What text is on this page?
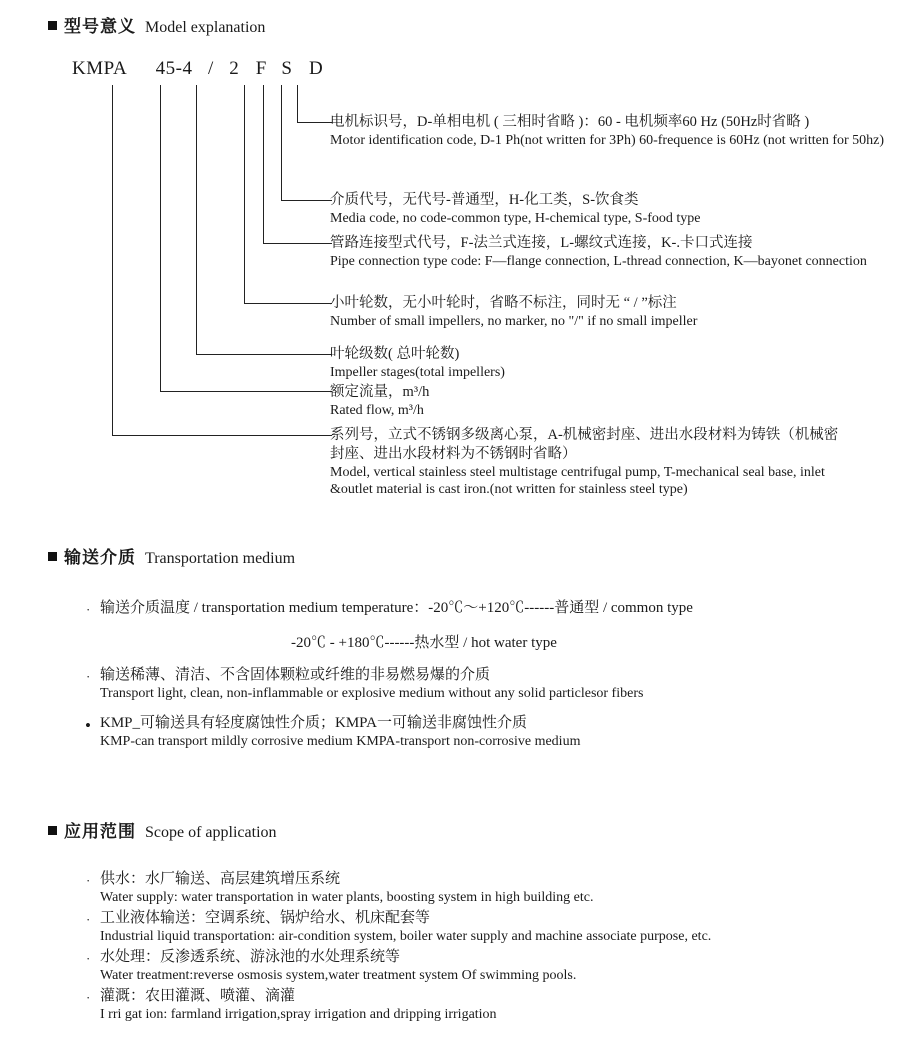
型号意义 Model explanation
KMPA 45-4 / 2 F S D
电机标识号，D-单相电机 ( 三相时省略 )：60 - 电机频率60 Hz (50Hz时省略 )
Motor identification code, D-1 Ph(not written for 3Ph) 60-frequence is 60Hz (not written for 50hz)
介质代号，无代号-普通型，H-化⼯类，S-饮食类
Media code, no code-common type, H-chemical type, S-food type
管路连接型式代号，F-法兰式连接，L-螺纹式连接，K-.卡口式连接
Pipe connection type code: F—flange connection, L-thread connection, K—bayonet connection
小叶轮数，无小叶轮时，省略不标注，同时无 “ / ”标注
Number of small impellers, no marker, no "/" if no small impeller
叶轮级数( 总叶轮数)
Impeller stages(total impellers)
额定流量，m³/h
Rated flow, m³/h
系列号，立式不锈钢多级离心泵，A-机械密封座、进出水段材料为铸铁（机械密封座、进出水段材料为不锈钢时省略）
Model, vertical stainless steel multistage centrifugal pump, T-mechanical seal base, inlet &outlet material is cast iron.(not written for stainless steel type)
输送介质 Transportation medium
· 输送介质温度 / transportation medium temperature：-20℃～+120℃------普通型 / common type
-20℃ - +180℃------热水型 / hot water type
· 输送稀薄、清洁、不含固体颗粒或纤维的非易燃易爆的介质
Transport light, clean, non-inflammable or explosive medium without any solid particlesor fibers
• KMP_可输送具有轻度腐蚀性介质；KMPA一可输送非腐蚀性介质
KMP-can transport mildly corrosive medium KMPA-transport non-corrosive medium
应用范围 Scope of application
· 供水：水厂输送、高层建筑增压系统
Water supply: water transportation in water plants, boosting system in high building etc.
· 工业液体输送：空调系统、锅炉给水、机床配套等
Industrial liquid transportation: air-condition system, boiler water supply and machine associate purpose, etc.
· 水处理：反渗透系统、游泳池的水处理系统等
Water treatment:reverse osmosis system,water treatment system Of swimming pools.
· 灌溉：农田灌溉、喷灌、滴灌
I rri gat ion: farmland irrigation,spray irrigation and dripping irrigation
